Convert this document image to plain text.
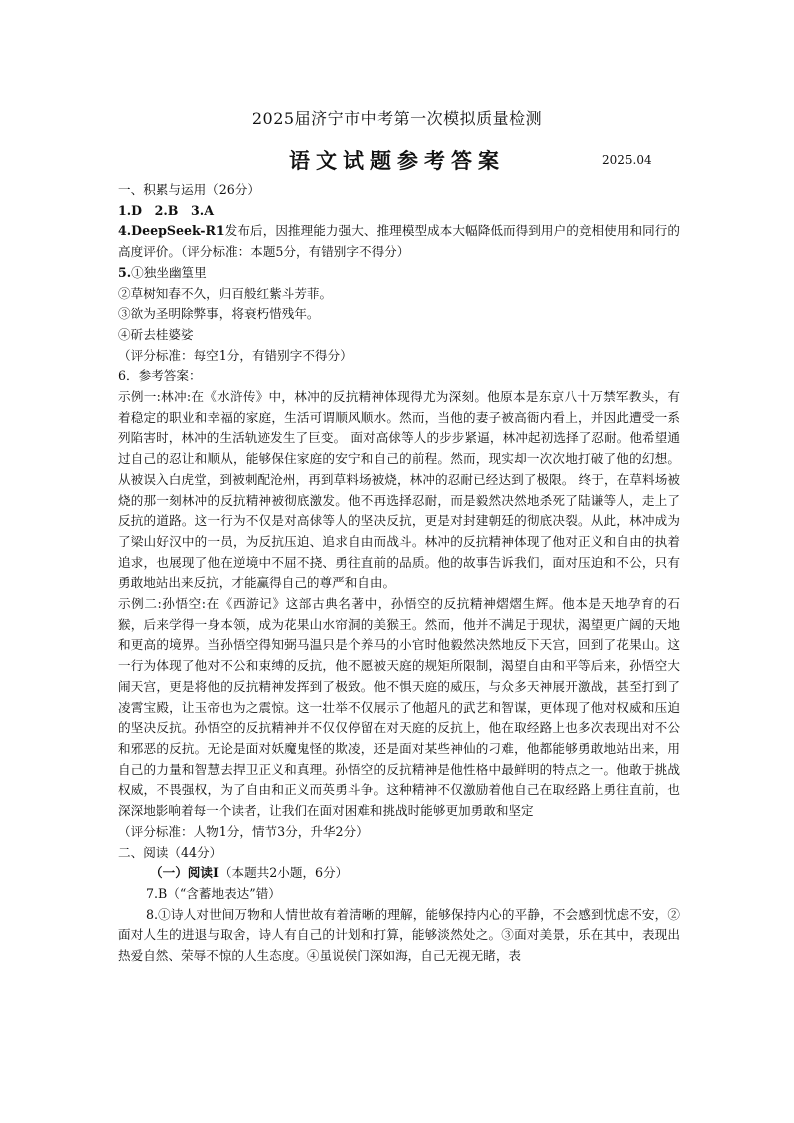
2025届济宁市中考第一次模拟质量检测
语文试题参考答案	2025.04

一、积累与运用（26分）

1.D　2.B　3.A

4.DeepSeek-R1发布后，因推理能力强大、推理模型成本大幅降低而得到用户的竞相使用和同行的高度评价。（评分标准：本题5分，有错别字不得分）

5.①独坐幽篁里

②草树知春不久，归百般红紫斗芳菲。

③欲为圣明除弊事，将衰朽惜残年。

④斫去桂婆娑

（评分标准：每空1分，有错别字不得分）

6．参考答案：

示例一:林冲:在《水浒传》中，林冲的反抗精神体现得尤为深刻。他原本是东京八十万禁军教头，有着稳定的职业和幸福的家庭，生活可谓顺风顺水。然而，当他的妻子被高衙内看上，并因此遭受一系列陷害时，林冲的生活轨迹发生了巨变。 面对高俅等人的步步紧逼，林冲起初选择了忍耐。他希望通过自己的忍让和顺从，能够保住家庭的安宁和自己的前程。然而，现实却一次次地打破了他的幻想。从被误入白虎堂，到被刺配沧州，再到草料场被烧，林冲的忍耐已经达到了极限。 终于，在草料场被烧的那一刻林冲的反抗精神被彻底激发。他不再选择忍耐，而是毅然决然地杀死了陆谦等人，走上了反抗的道路。这一行为不仅是对高俅等人的坚决反抗，更是对封建朝廷的彻底决裂。从此，林冲成为了梁山好汉中的一员，为反抗压迫、追求自由而战斗。林冲的反抗精神体现了他对正义和自由的执着追求，也展现了他在逆境中不屈不挠、勇往直前的品质。他的故事告诉我们，面对压迫和不公，只有勇敢地站出来反抗，才能赢得自己的尊严和自由。

示例二:孙悟空:在《西游记》这部古典名著中，孙悟空的反抗精神熠熠生辉。他本是天地孕育的石猴，后来学得一身本领，成为花果山水帘洞的美猴王。然而，他并不满足于现状，渴望更广阔的天地和更高的境界。当孙悟空得知弼马温只是个养马的小官时他毅然决然地反下天宫，回到了花果山。这一行为体现了他对不公和束缚的反抗，他不愿被天庭的规矩所限制，渴望自由和平等后来，孙悟空大闹天宫，更是将他的反抗精神发挥到了极致。他不惧天庭的威压，与众多天神展开激战，甚至打到了凌霄宝殿，让玉帝也为之震惊。这一壮举不仅展示了他超凡的武艺和智谋，更体现了他对权威和压迫的坚决反抗。孙悟空的反抗精神并不仅仅停留在对天庭的反抗上，他在取经路上也多次表现出对不公和邪恶的反抗。无论是面对妖魔鬼怪的欺凌，还是面对某些神仙的刁难，他都能够勇敢地站出来，用自己的力量和智慧去捍卫正义和真理。孙悟空的反抗精神是他性格中最鲜明的特点之一。他敢于挑战权威，不畏强权，为了自由和正义而英勇斗争。这种精神不仅激励着他自己在取经路上勇往直前，也深深地影响着每一个读者，让我们在面对困难和挑战时能够更加勇敢和坚定

（评分标准：人物1分，情节3分，升华2分）

二、阅读（44分）

（一）阅读Ⅰ（本题共2小题，6分）

7.B（“含蓄地表达”错）

8.①诗人对世间万物和人情世故有着清晰的理解，能够保持内心的平静，不会感到忧虑不安，②面对人生的进退与取舍，诗人有自己的计划和打算，能够淡然处之。③面对美景，乐在其中，表现出热爱自然、荣辱不惊的人生态度。④虽说侯门深如海，自己无视无睹，表
